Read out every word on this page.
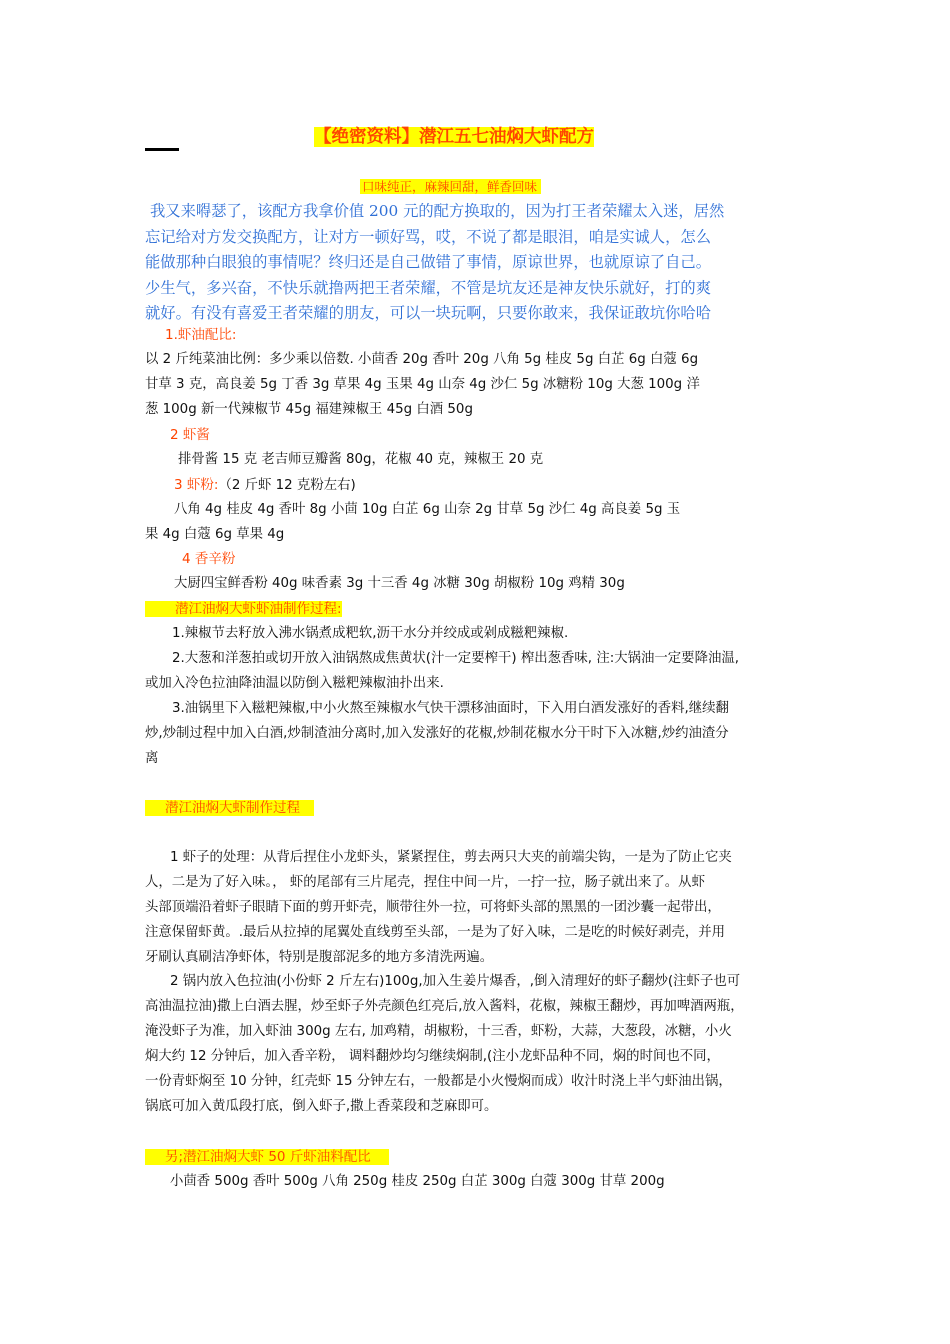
【绝密资料】潜江五七油焖大虾配方
口味纯正，麻辣回甜，鲜香回味
我又来嘚瑟了，该配方我拿价值 200 元的配方换取的，因为打王者荣耀太入迷，居然
忘记给对方发交换配方，让对方一顿好骂，哎，不说了都是眼泪，咱是实诚人，怎么
能做那种白眼狼的事情呢？终归还是自己做错了事情，原谅世界，也就原谅了自己。
少生气，多兴奋，不快乐就撸两把王者荣耀，不管是坑友还是神友快乐就好，打的爽
就好。有没有喜爱王者荣耀的朋友，可以一块玩啊，只要你敢来，我保证敢坑你哈哈
1.虾油配比:
以 2 斤纯菜油比例：多少乘以倍数. 小茴香 20g 香叶 20g 八角 5g 桂皮 5g 白芷 6g 白蔻 6g
甘草 3 克，高良姜 5g 丁香 3g 草果 4g 玉果 4g 山奈 4g 沙仁 5g 冰糖粉 10g 大葱 100g 洋
葱 100g 新一代辣椒节 45g 福建辣椒王 45g 白酒 50g
2 虾酱
排骨酱 15 克 老吉师豆瓣酱 80g，花椒 40 克，辣椒王 20 克
3 虾粉:（2 斤虾 12 克粉左右)
八角 4g 桂皮 4g 香叶 8g 小茴 10g 白芷 6g 山奈 2g 甘草 5g 沙仁 4g 高良姜 5g 玉
果 4g 白蔻 6g 草果 4g
4 香辛粉
大厨四宝鲜香粉 40g 味香素 3g 十三香 4g 冰糖 30g 胡椒粉 10g 鸡精 30g
潜江油焖大虾虾油制作过程:
1.辣椒节去籽放入沸水锅煮成粑软,沥干水分并绞成或剁成糍粑辣椒.
2.大葱和洋葱拍或切开放入油锅熬成焦黄状(汁一定要榨干) 榨出葱香味, 注:大锅油一定要降油温,
或加入冷色拉油降油温以防倒入糍粑辣椒油扑出来.
3.油锅里下入糍粑辣椒,中小火熬至辣椒水气快干漂移油面时，下入用白酒发涨好的香料,继续翻
炒,炒制过程中加入白酒,炒制渣油分离时,加入发涨好的花椒,炒制花椒水分干时下入冰糖,炒约油渣分
离
潜江油焖大虾制作过程
1 虾子的处理：从背后捏住小龙虾头，紧紧捏住，剪去两只大夹的前端尖钩，一是为了防止它夹
人，二是为了好入味。， 虾的尾部有三片尾壳，捏住中间一片，一拧一拉，肠子就出来了。从虾
头部顶端沿着虾子眼睛下面的剪开虾壳，顺带往外一拉，可将虾头部的黑黑的一团沙囊一起带出，
注意保留虾黄。.最后从拉掉的尾翼处直线剪至头部，一是为了好入味，二是吃的时候好剥壳，并用
牙刷认真刷洁净虾体，特别是腹部泥多的地方多清洗两遍。
2 锅内放入色拉油(小份虾 2 斤左右)100g,加入生姜片爆香，,倒入清理好的虾子翻炒(注虾子也可
高油温拉油)撒上白酒去腥，炒至虾子外壳颜色红亮后,放入酱料，花椒，辣椒王翻炒，再加啤酒两瓶，
淹没虾子为准，加入虾油 300g 左右, 加鸡精，胡椒粉，十三香，虾粉，大蒜，大葱段，冰糖，小火
焖大约 12 分钟后，加入香辛粉， 调料翻炒均匀继续焖制,(注小龙虾品种不同，焖的时间也不同，
一份青虾焖至 10 分钟，红壳虾 15 分钟左右，一般都是小火慢焖而成）收汁时浇上半勺虾油出锅，
锅底可加入黄瓜段打底，倒入虾子,撒上香菜段和芝麻即可。
另;潜江油焖大虾 50 斤虾油料配比
小茴香 500g 香叶 500g 八角 250g 桂皮 250g 白芷 300g 白蔻 300g 甘草 200g
